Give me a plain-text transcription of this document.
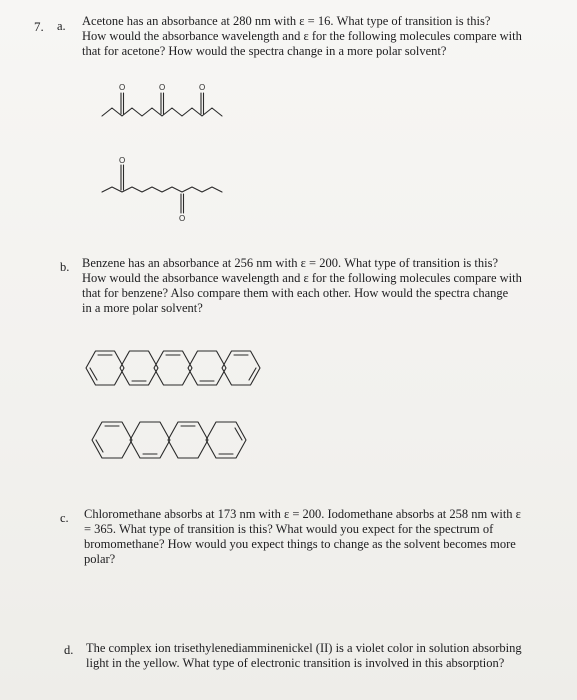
7. a. Acetone has an absorbance at 280 nm with ε = 16. What type of transition is this?
How would the absorbance wavelength and ε for the following molecules compare with
that for acetone? How would the spectra change in a more polar solvent?
O	O	O
O
O
b. Benzene has an absorbance at 256 nm with ε = 200. What type of transition is this?
How would the absorbance wavelength and ε for the following molecules compare with
that for benzene? Also compare them with each other. How would the spectra change
in a more polar solvent?
c. Chloromethane absorbs at 173 nm with ε = 200. Iodomethane absorbs at 258 nm with ε
= 365. What type of transition is this? What would you expect for the spectrum of
bromomethane? How would you expect things to change as the solvent becomes more
polar?
d. The complex ion trisethylenediamminenickel (II) is a violet color in solution absorbing
light in the yellow. What type of electronic transition is involved in this absorption?
